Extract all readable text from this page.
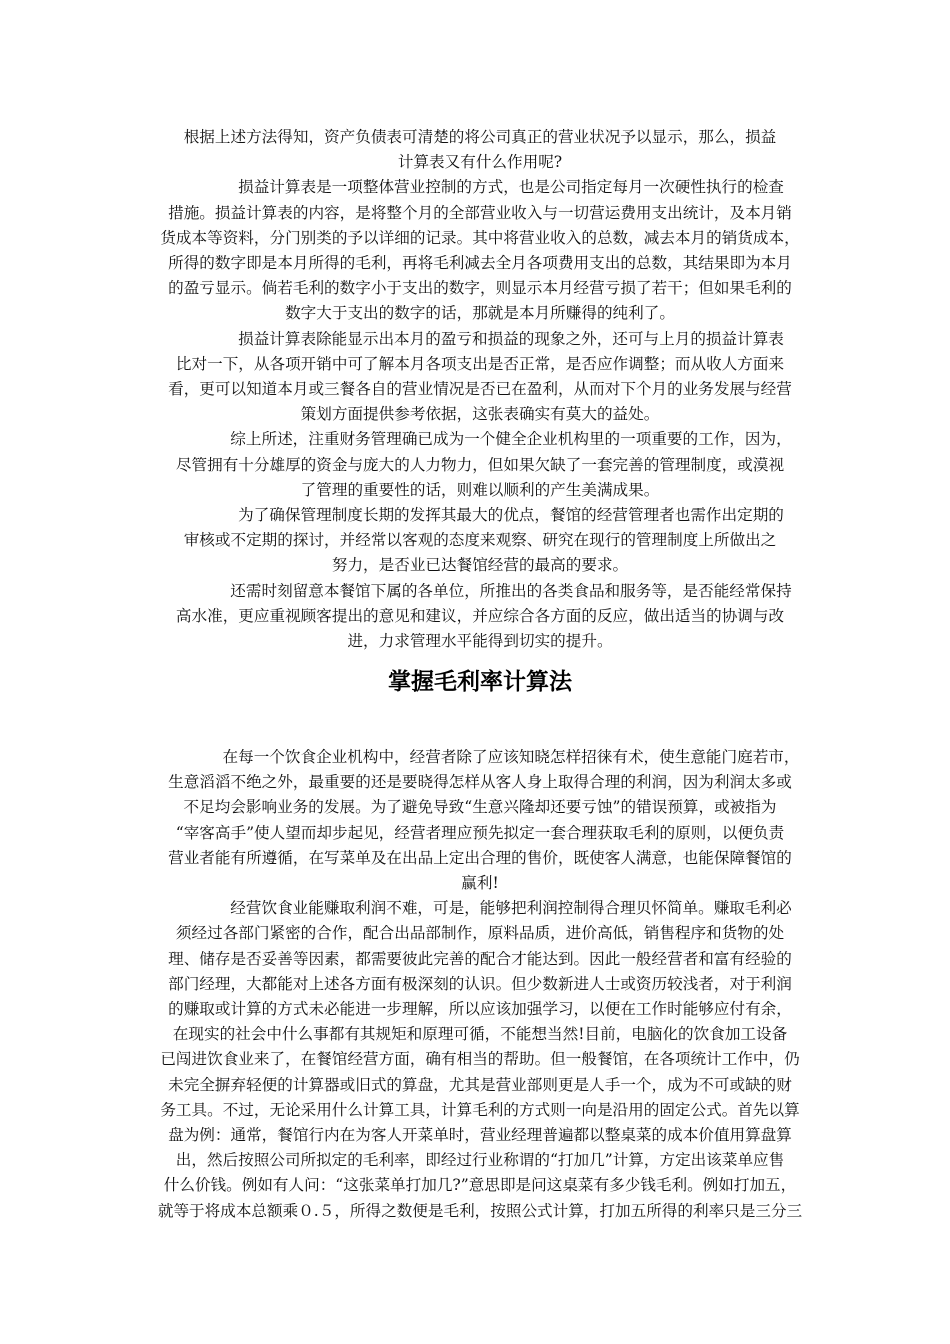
根据上述方法得知，资产负债表可清楚的将公司真正的营业状况予以显示，那么，损益
计算表又有什么作用呢?
损益计算表是一项整体营业控制的方式，也是公司指定每月一次硬性执行的检查
措施。损益计算表的内容，是将整个月的全部营业收入与一切营运费用支出统计，及本月销
货成本等资料，分门别类的予以详细的记录。其中将营业收入的总数，减去本月的销货成本，
所得的数字即是本月所得的毛利，再将毛利减去全月各项费用支出的总数，其结果即为本月
的盈亏显示。倘若毛利的数字小于支出的数字，则显示本月经营亏损了若干；但如果毛利的
数字大于支出的数字的话，那就是本月所赚得的纯利了。
损益计算表除能显示出本月的盈亏和损益的现象之外，还可与上月的损益计算表
比对一下，从各项开销中可了解本月各项支出是否正常，是否应作调整；而从收人方面来
看，更可以知道本月或三餐各自的营业情况是否已在盈利，从而对下个月的业务发展与经营
策划方面提供参考依据，这张表确实有莫大的益处。
综上所述，注重财务管理确已成为一个健全企业机构里的一项重要的工作，因为，
尽管拥有十分雄厚的资金与庞大的人力物力，但如果欠缺了一套完善的管理制度，或漠视
了管理的重要性的话，则难以顺利的产生美满成果。
为了确保管理制度长期的发挥其最大的优点，餐馆的经营管理者也需作出定期的
审核或不定期的探讨，并经常以客观的态度来观察、研究在现行的管理制度上所做出之
努力，是否业已达餐馆经营的最高的要求。
还需时刻留意本餐馆下属的各单位，所推出的各类食品和服务等，是否能经常保持
高水准，更应重视顾客提出的意见和建议，并应综合各方面的反应，做出适当的协调与改
进，力求管理水平能得到切实的提升。
掌握毛利率计算法
在每一个饮食企业机构中，经营者除了应该知晓怎样招徕有术，使生意能门庭若市，
生意滔滔不绝之外，最重要的还是要晓得怎样从客人身上取得合理的利润，因为利润太多或
不足均会影响业务的发展。为了避免导致“生意兴隆却还要亏蚀”的错误预算，或被指为
“宰客高手”使人望而却步起见，经营者理应预先拟定一套合理获取毛利的原则，以便负责
营业者能有所遵循，在写菜单及在出品上定出合理的售价，既使客人满意，也能保障餐馆的
赢利!
经营饮食业能赚取利润不难，可是，能够把利润控制得合理贝怀简单。赚取毛利必
须经过各部门紧密的合作，配合出品部制作，原料品质，进价高低，销售程序和货物的处
理、储存是否妥善等因素，都需要彼此完善的配合才能达到。因此一般经营者和富有经验的
部门经理，大都能对上述各方面有极深刻的认识。但少数新进人士或资历较浅者，对于利润
的赚取或计算的方式未必能进一步理解，所以应该加强学习，以便在工作时能够应付有余，
在现实的社会中什么事都有其规矩和原理可循，不能想当然!目前，电脑化的饮食加工设备
已闯进饮食业来了，在餐馆经营方面，确有相当的帮助。但一般餐馆，在各项统计工作中，仍
未完全摒弃轻便的计算器或旧式的算盘，尤其是营业部则更是人手一个，成为不可或缺的财
务工具。不过，无论采用什么计算工具，计算毛利的方式则一向是沿用的固定公式。首先以算
盘为例：通常，餐馆行内在为客人开菜单时，营业经理普遍都以整桌菜的成本价值用算盘算
出，然后按照公司所拟定的毛利率，即经过行业称谓的“打加几”计算，方定出该菜单应售
什么价钱。例如有人问：“这张菜单打加几?”意思即是问这桌菜有多少钱毛利。例如打加五，
就等于将成本总额乘０.５，所得之数便是毛利，按照公式计算，打加五所得的利率只是三分三
